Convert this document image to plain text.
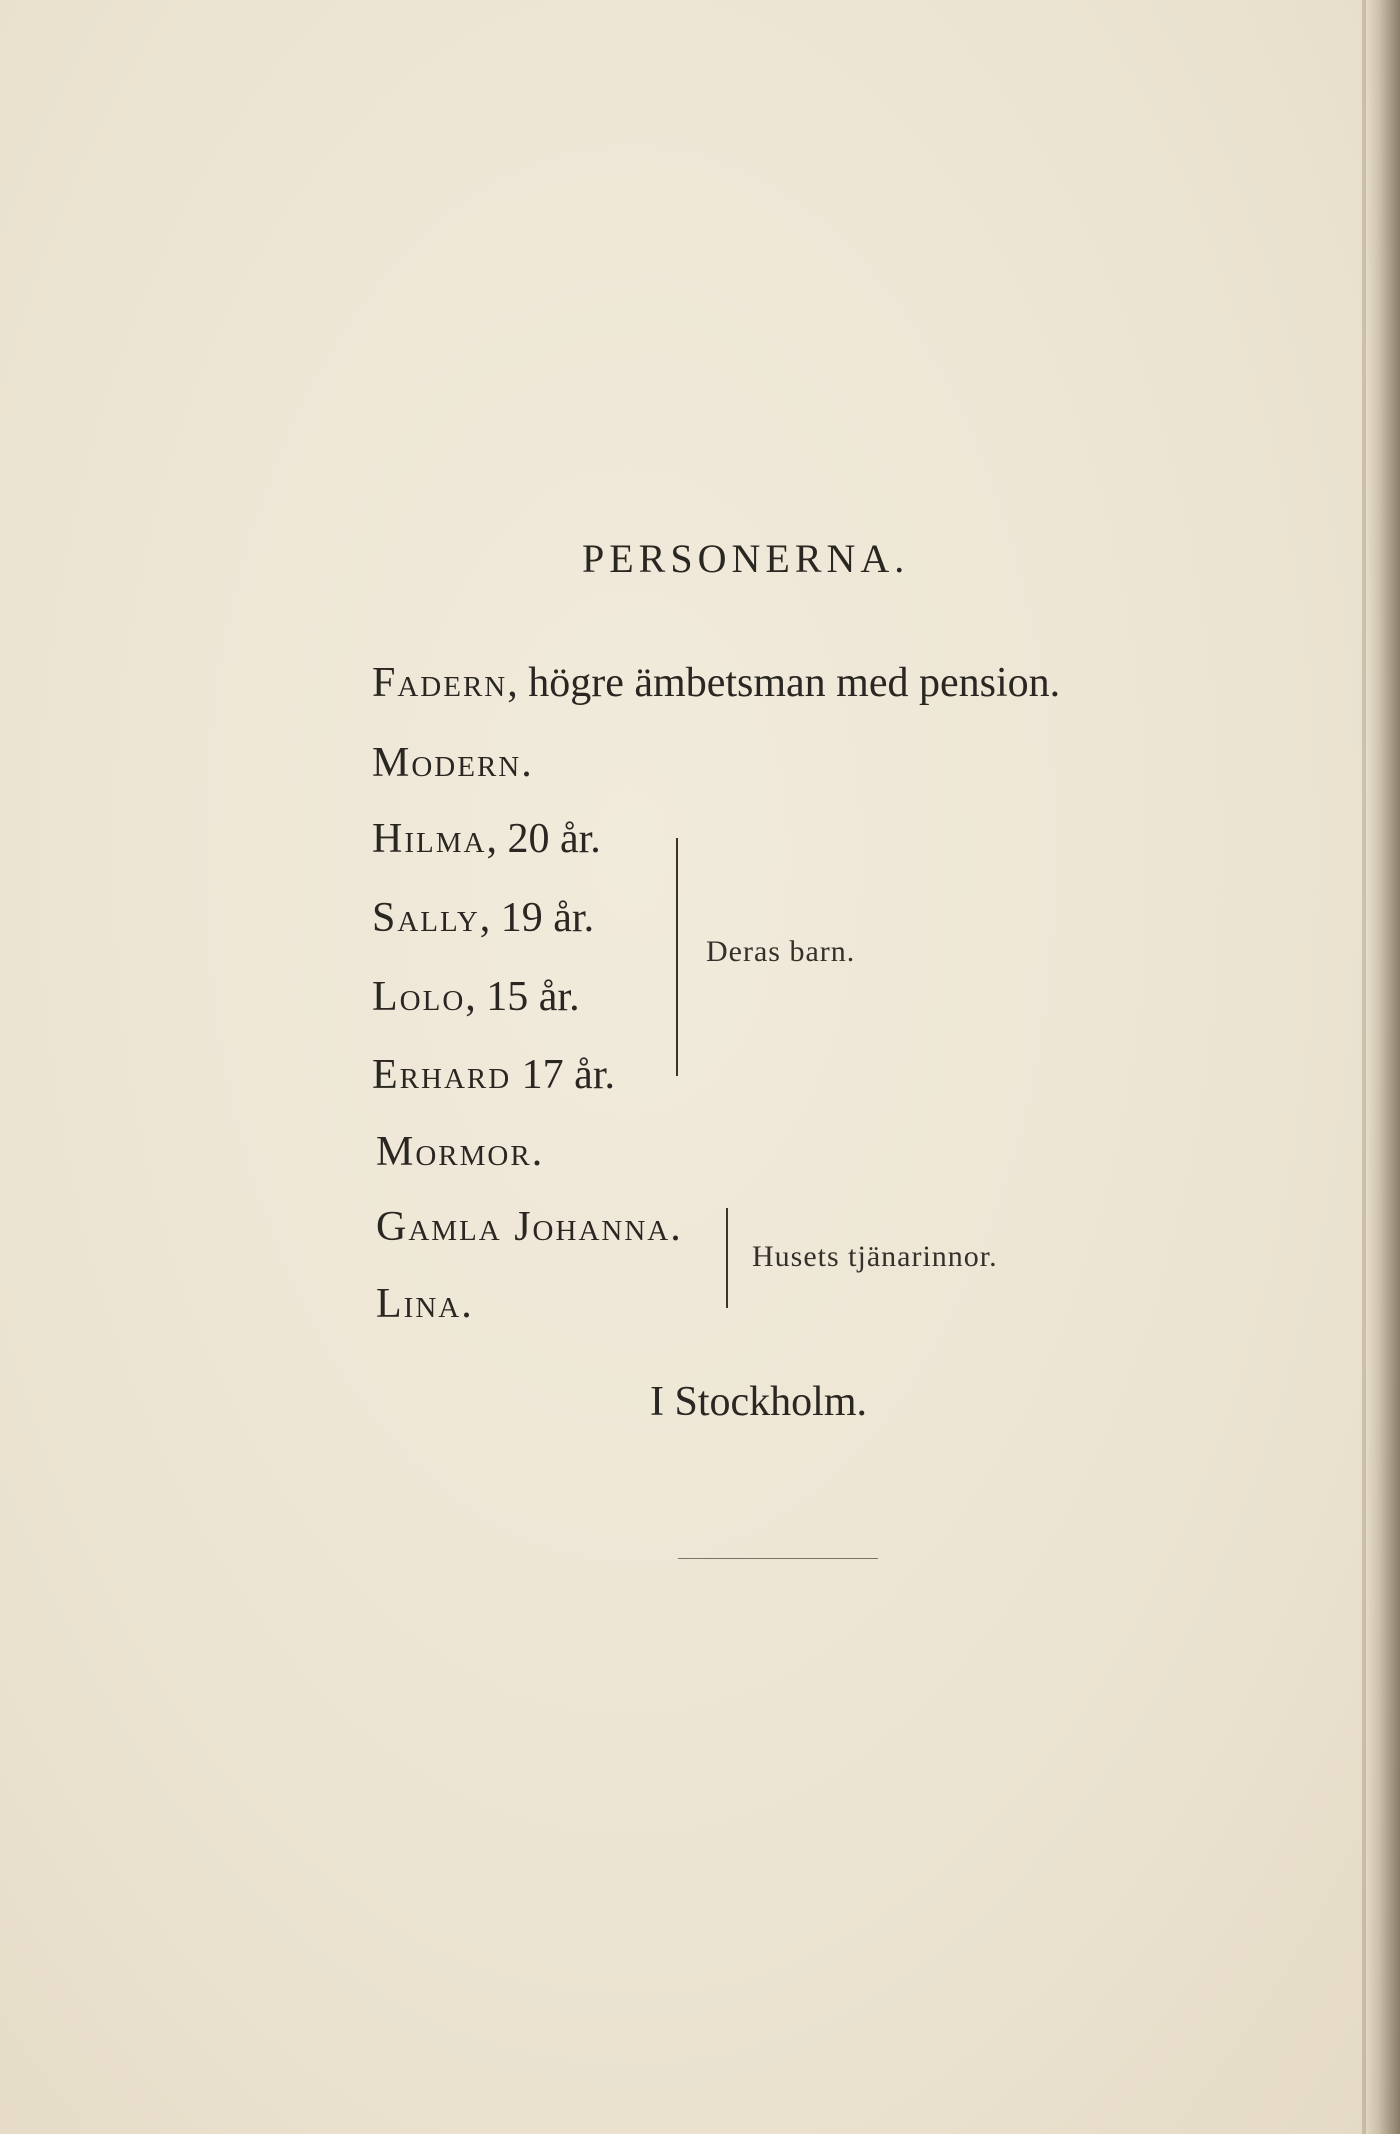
PERSONERNA.
Fadern, högre ämbetsman med pension.
Modern.
Hilma, 20 år.
Sally, 19 år.
Lolo, 15 år.
Erhard 17 år.
Deras barn.
Mormor.
Gamla Johanna.
Lina.
Husets tjänarinnor.
I Stockholm.
